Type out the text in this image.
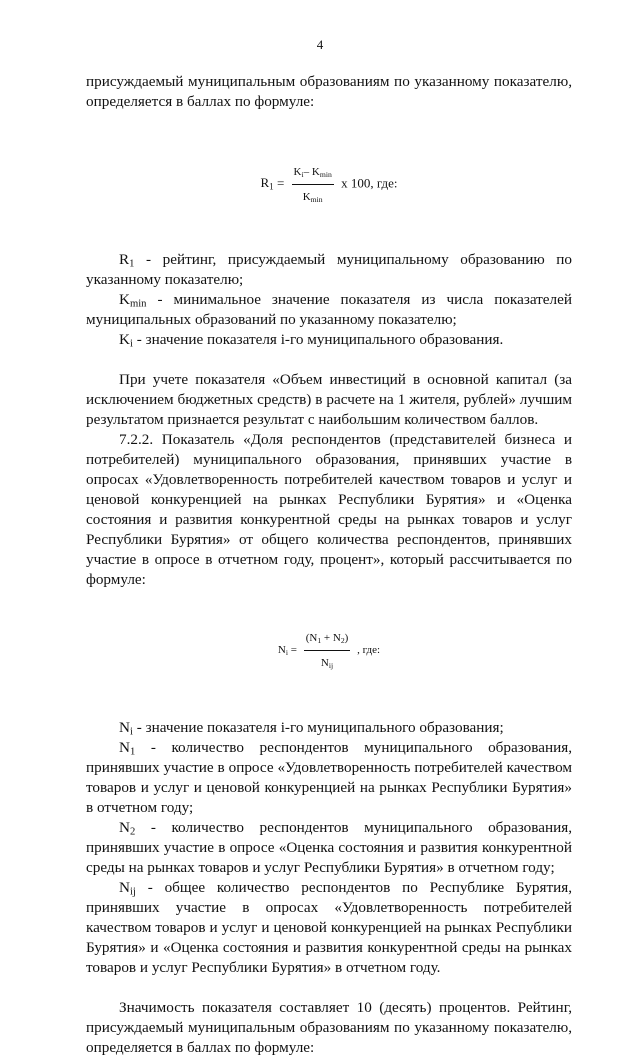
4

присуждаемый муниципальным образованиям по указанному показателю, определяется в баллах по формуле:

$R_1 = \frac{K_i- K_{min}}{K_{min}}$ x 100, где:

$R_1$ - рейтинг, присуждаемый муниципальному образованию по указанному показателю;

$K_{min}$ - минимальное значение показателя из числа показателей муниципальных образований по указанному показателю;

$K_i$ - значение показателя i-го муниципального образования.

При учете показателя «Объем инвестиций в основной капитал (за исключением бюджетных средств) в расчете на 1 жителя, рублей» лучшим результатом признается результат с наибольшим количеством баллов.

7.2.2. Показатель «Доля респондентов (представителей бизнеса и потребителей) муниципального образования, принявших участие в опросах «Удовлетворенность потребителей качеством товаров и услуг и ценовой конкуренцией на рынках Республики Бурятия» и «Оценка состояния и развития конкурентной среды на рынках товаров и услуг Республики Бурятия» от общего количества респондентов, принявших участие в опросе в отчетном году, процент», который рассчитывается по формуле:

$N_i = \frac{(N_1 + N_2)}{N_{ij}}$ , где:

$N_i$ - значение показателя i-го муниципального образования;

$N_1$ - количество респондентов муниципального образования, принявших участие в опросе «Удовлетворенность потребителей качеством товаров и услуг и ценовой конкуренцией на рынках Республики Бурятия» в отчетном году;

$N_2$ - количество респондентов муниципального образования, принявших участие в опросе «Оценка состояния и развития конкурентной среды на рынках товаров и услуг Республики Бурятия» в отчетном году;

$N_{ij}$ - общее количество респондентов по Республике Бурятия, принявших участие в опросах «Удовлетворенность потребителей качеством товаров и услуг и ценовой конкуренцией на рынках Республики Бурятия» и «Оценка состояния и развития конкурентной среды на рынках товаров и услуг Республики Бурятия» в отчетном году.

Значимость показателя составляет 10 (десять) процентов. Рейтинг, присуждаемый муниципальным образованиям по указанному показателю, определяется в баллах по формуле:
